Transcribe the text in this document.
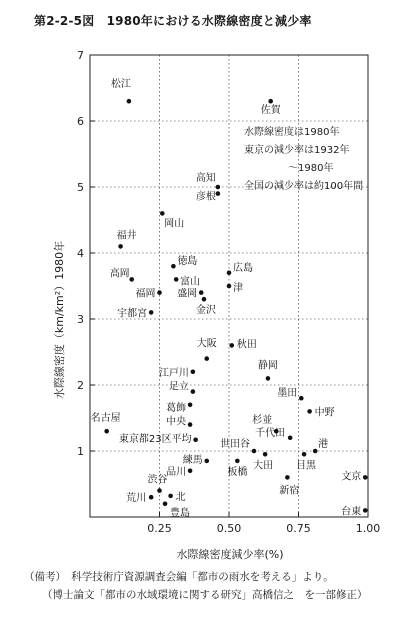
第2-2-5図　1980年における水際線密度と減少率
1
2
3
4
5
6
7
0.25	0.50	0.75	1.00
松江
佐賀
高知
彦根
岡山
福井
徳島
広島
高岡
富山
津
福岡 盛岡
金沢
宇都宮
秋田
大阪
江戸川
静岡
足立
墨田
葛飾	中野
名古屋	中央	杉並
千代田
東京都23区平均	世田谷	港
大田 目黒
練馬
板橋
品川	文京
新宿
渋谷
北
荒川
豊島	台東
水際線密度（km/km²）1980年
水際線密度減少率(%)
水際線密度は1980年
東京の減少率は1932年
～1980年
全国の減少率は約100年間
（備考）　科学技術庁資源調査会編「都市の雨水を考える」より。
（博士論文「都市の水域環境に関する研究」高橋信之　を一部修正）
